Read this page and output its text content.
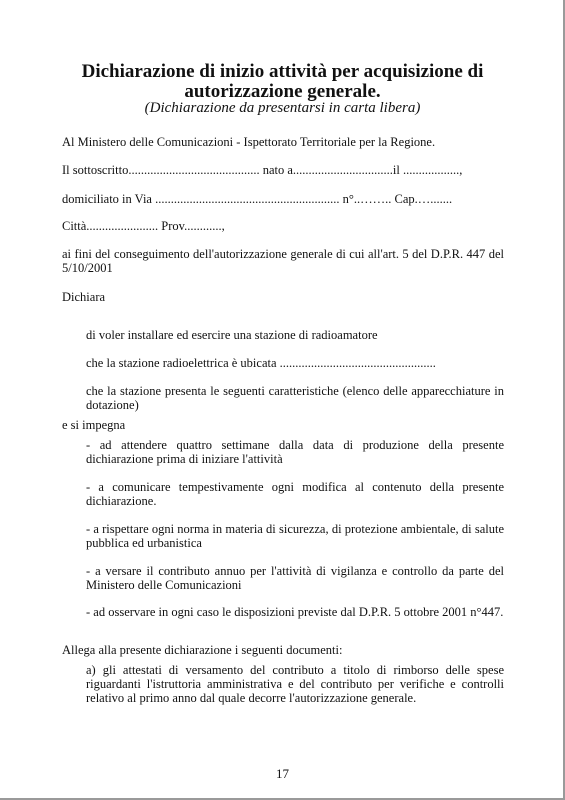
Dichiarazione di inizio attività per acquisizione di autorizzazione generale.
(Dichiarazione da presentarsi in carta libera)
Al Ministero delle Comunicazioni - Ispettorato Territoriale per la Regione.
Il sottoscritto.......................................... nato a................................il ..................,
domiciliato in Via ........................................................... n°..…….. Cap.….......
Città....................... Prov............,
ai fini del conseguimento dell'autorizzazione generale di cui all'art. 5 del D.P.R. 447 del 5/10/2001
Dichiara
di voler installare ed esercire una stazione di radioamatore
che la stazione radioelettrica è ubicata ..................................................
che la stazione presenta le seguenti caratteristiche (elenco delle apparecchiature in dotazione)
e si impegna
- ad attendere quattro settimane dalla data di produzione della presente dichiarazione prima di iniziare l'attività
- a comunicare tempestivamente ogni modifica al contenuto della presente dichiarazione.
- a rispettare ogni norma in materia di sicurezza, di protezione ambientale, di salute pubblica ed urbanistica
- a versare il contributo annuo per l'attività di vigilanza e controllo da parte del Ministero delle Comunicazioni
- ad osservare in ogni caso le disposizioni previste dal D.P.R. 5 ottobre 2001 n°447.
Allega alla presente dichiarazione i seguenti documenti:
a) gli attestati di versamento del contributo a titolo di rimborso delle spese riguardanti l'istruttoria amministrativa e del contributo per verifiche e controlli relativo al primo anno dal quale decorre l'autorizzazione generale.
17
